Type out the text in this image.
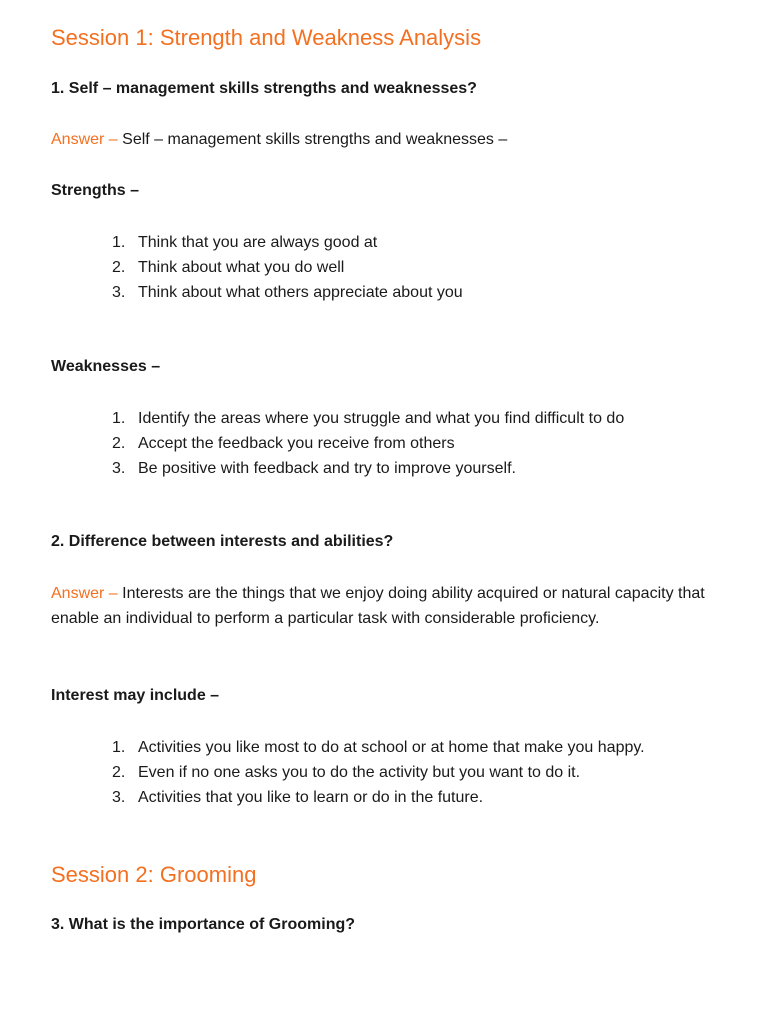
Session 1: Strength and Weakness Analysis
1. Self – management skills strengths and weaknesses?
Answer – Self – management skills strengths and weaknesses –
Strengths –
1. Think that you are always good at
2. Think about what you do well
3. Think about what others appreciate about you
Weaknesses –
1. Identify the areas where you struggle and what you find difficult to do
2. Accept the feedback you receive from others
3. Be positive with feedback and try to improve yourself.
2. Difference between interests and abilities?
Answer – Interests are the things that we enjoy doing ability acquired or natural capacity that enable an individual to perform a particular task with considerable proficiency.
Interest may include –
1. Activities you like most to do at school or at home that make you happy.
2. Even if no one asks you to do the activity but you want to do it.
3. Activities that you like to learn or do in the future.
Session 2: Grooming
3. What is the importance of Grooming?
